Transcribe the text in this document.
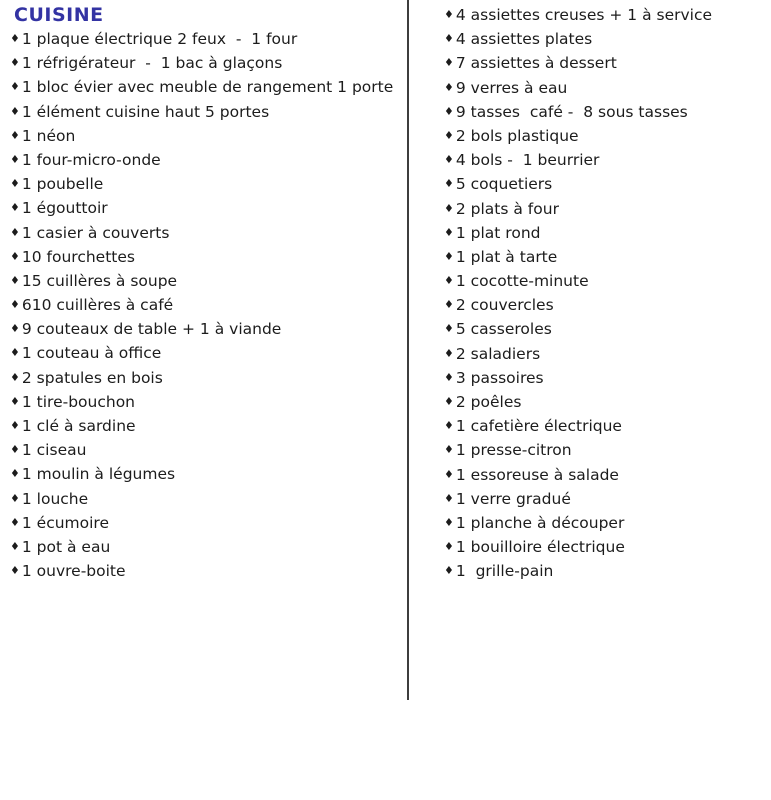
CUISINE
♦ 1 plaque électrique 2 feux  -  1 four
♦ 1 réfrigérateur  -  1 bac à glaçons
♦ 1 bloc évier avec meuble de rangement 1 porte
♦ 1 élément cuisine haut 5 portes
♦ 1 néon
♦ 1 four-micro-onde
♦ 1 poubelle
♦ 1 égouttoir
♦ 1 casier à couverts
♦ 10 fourchettes
♦ 15 cuillères à soupe
♦ 610 cuillères à café
♦ 9 couteaux de table + 1 à viande
♦ 1 couteau à office
♦ 2 spatules en bois
♦ 1 tire-bouchon
♦ 1 clé à sardine
♦ 1 ciseau
♦ 1 moulin à légumes
♦ 1 louche
♦ 1 écumoire
♦ 1 pot à eau
♦ 1 ouvre-boite
♦ 4 assiettes creuses + 1 à service
♦ 4 assiettes plates
♦ 7 assiettes à dessert
♦ 9 verres à eau
♦ 9 tasses  café -  8 sous tasses
♦ 2 bols plastique
♦ 4 bols -  1 beurrier
♦ 5 coquetiers
♦ 2 plats à four
♦ 1 plat rond
♦ 1 plat à tarte
♦ 1 cocotte-minute
♦ 2 couvercles
♦ 5 casseroles
♦ 2 saladiers
♦ 3 passoires
♦ 2 poêles
♦ 1 cafetière électrique
♦ 1 presse-citron
♦ 1 essoreuse à salade
♦ 1 verre gradué
♦ 1 planche à découper
♦ 1 bouilloire électrique
♦ 1  grille-pain
